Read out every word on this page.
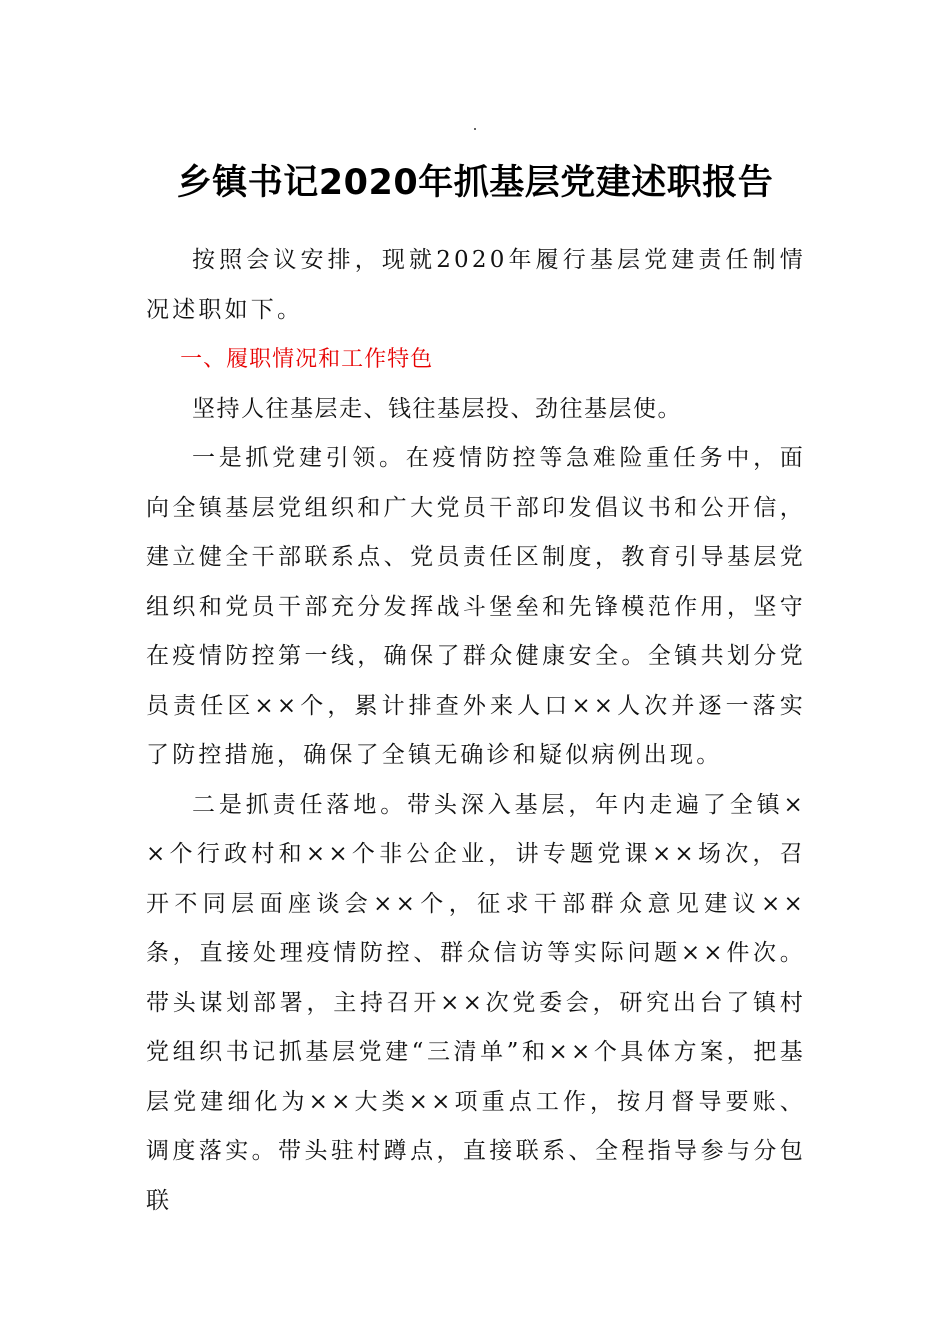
乡镇书记2020年抓基层党建述职报告

按照会议安排，现就2020年履行基层党建责任制情况述职如下。

一、履职情况和工作特色

坚持人往基层走、钱往基层投、劲往基层使。

一是抓党建引领。在疫情防控等急难险重任务中，面向全镇基层党组织和广大党员干部印发倡议书和公开信，建立健全干部联系点、党员责任区制度，教育引导基层党组织和党员干部充分发挥战斗堡垒和先锋模范作用，坚守在疫情防控第一线，确保了群众健康安全。全镇共划分党员责任区××个，累计排查外来人口××人次并逐一落实了防控措施，确保了全镇无确诊和疑似病例出现。

二是抓责任落地。带头深入基层，年内走遍了全镇××个行政村和××个非公企业，讲专题党课××场次，召开不同层面座谈会××个，征求干部群众意见建议××条，直接处理疫情防控、群众信访等实际问题××件次。带头谋划部署，主持召开××次党委会，研究出台了镇村党组织书记抓基层党建“三清单”和××个具体方案，把基层党建细化为××大类××项重点工作，按月督导要账、调度落实。带头驻村蹲点，直接联系、全程指导参与分包联
